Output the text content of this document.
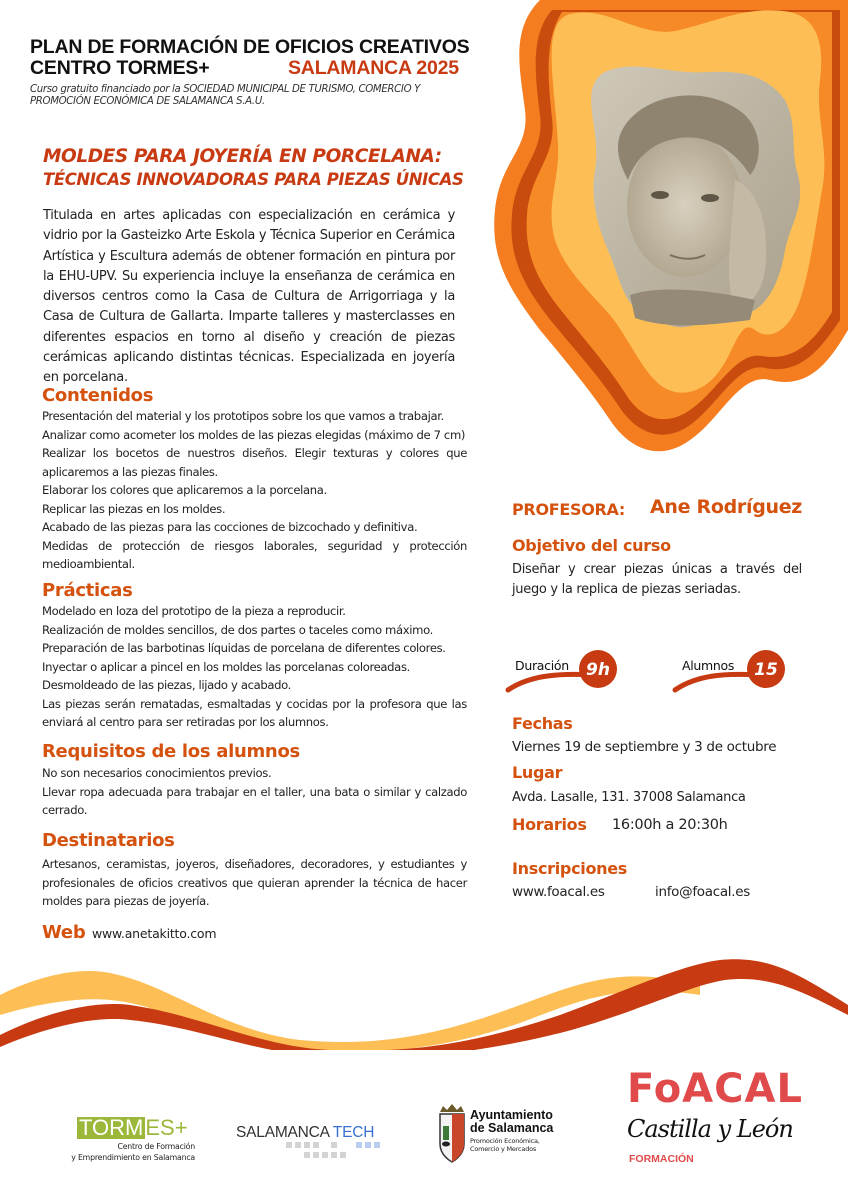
PLAN DE FORMACIÓN DE OFICIOS CREATIVOS
CENTRO TORMES+	SALAMANCA 2025
Curso gratuito financiado por la SOCIEDAD MUNICIPAL DE TURISMO, COMERCIO Y
PROMOCIÓN ECONÓMICA DE SALAMANCA S.A.U.
MOLDES PARA JOYERÍA EN PORCELANA:
TÉCNICAS INNOVADORAS PARA PIEZAS ÚNICAS
Titulada en artes aplicadas con especialización en cerámica y vidrio por la Gasteizko Arte Eskola y Técnica Superior en Cerámica Artística y Escultura además de obtener formación en pintura por la EHU-UPV. Su experiencia incluye la enseñanza de cerámica en diversos centros como la Casa de Cultura de Arrigorriaga y la Casa de Cultura de Gallarta. Imparte talleres y masterclasses en diferentes espacios en torno al diseño y creación de piezas cerámicas aplicando distintas técnicas. Especializada en joyería en porcelana.
Contenidos
Presentación del material y los prototipos sobre los que vamos a trabajar.
Analizar como acometer los moldes de las piezas elegidas (máximo de 7 cm)
Realizar los bocetos de nuestros diseños. Elegir texturas y colores que aplicaremos a las piezas finales.
Elaborar los colores que aplicaremos a la porcelana.
Replicar las piezas en los moldes.
Acabado de las piezas para las cocciones de bizcochado y definitiva.
Medidas de protección de riesgos laborales, seguridad y protección medioambiental.
Prácticas
Modelado en loza del prototipo de la pieza a reproducir.
Realización de moldes sencillos, de dos partes o taceles como máximo.
Preparación de las barbotinas líquidas de porcelana de diferentes colores.
Inyectar o aplicar a pincel en los moldes las porcelanas coloreadas.
Desmoldeado de las piezas, lijado y acabado.
Las piezas serán rematadas, esmaltadas y cocidas por la profesora que las enviará al centro para ser retiradas por los alumnos.
Requisitos de los alumnos
No son necesarios conocimientos previos.
Llevar ropa adecuada para trabajar en el taller, una bata o similar y calzado cerrado.
Destinatarios
Artesanos, ceramistas, joyeros, diseñadores, decoradores, y estudiantes y profesionales de oficios creativos que quieran aprender la técnica de hacer moldes para piezas de joyería.
Web www.anetakitto.com
PROFESORA: Ane Rodríguez
Objetivo del curso
Diseñar y crear piezas únicas a través del juego y la replica de piezas seriadas.
Duración	9h	Alumnos	15
Fechas
Viernes 19 de septiembre y 3 de octubre
Lugar
Avda. Lasalle, 131. 37008 Salamanca
Horarios 16:00h a 20:30h
Inscripciones
www.foacal.es	info@foacal.es
TORMES+
Centro de Formación
y Emprendimiento en Salamanca
SALAMANCA TECH
Ayuntamiento
de Salamanca
Promoción Económica,
Comercio y Mercados
FoACAL
Castilla y León
FORMACIÓN
